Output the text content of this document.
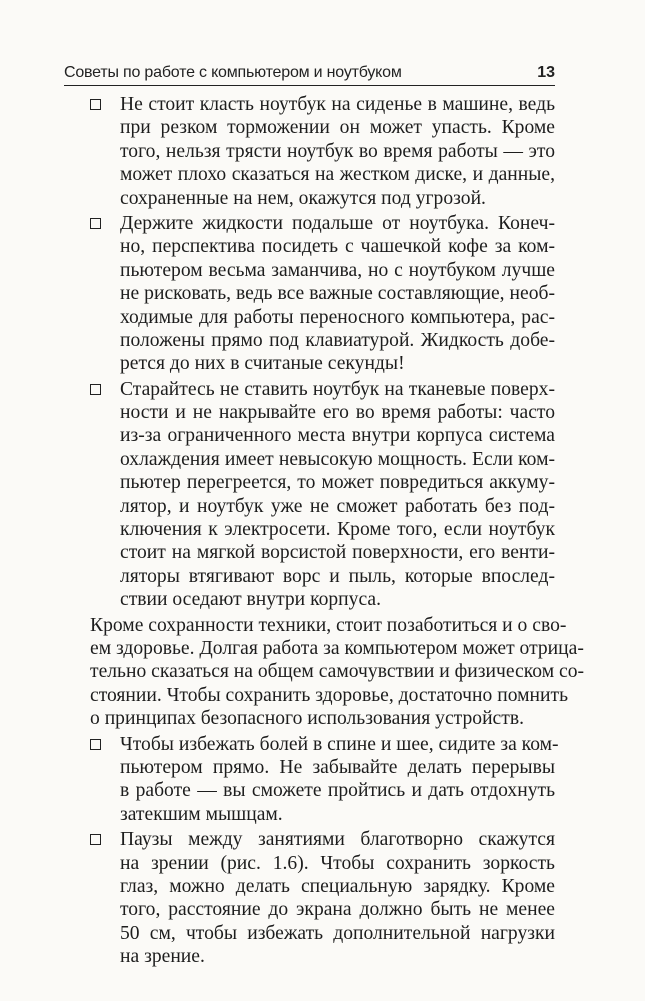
Советы по работе с компьютером и ноутбуком	13
Не стоит класть ноутбук на сиденье в машине, ведь
при резком торможении он может упасть. Кроме
того, нельзя трясти ноутбук во время работы — это
может плохо сказаться на жестком диске, и данные,
сохраненные на нем, окажутся под угрозой.
Держите жидкости подальше от ноутбука. Конеч-
но, перспектива посидеть с чашечкой кофе за ком-
пьютером весьма заманчива, но с ноутбуком лучше
не рисковать, ведь все важные составляющие, необ-
ходимые для работы переносного компьютера, рас-
положены прямо под клавиатурой. Жидкость добе-
рется до них в считаные секунды!
Старайтесь не ставить ноутбук на тканевые поверх-
ности и не накрывайте его во время работы: часто
из-за ограниченного места внутри корпуса система
охлаждения имеет невысокую мощность. Если ком-
пьютер перегреется, то может повредиться аккуму-
лятор, и ноутбук уже не сможет работать без под-
ключения к электросети. Кроме того, если ноутбук
стоит на мягкой ворсистой поверхности, его венти-
ляторы втягивают ворс и пыль, которые впослед-
ствии оседают внутри корпуса.
Кроме сохранности техники, стоит позаботиться и о сво-
ем здоровье. Долгая работа за компьютером может отрица-
тельно сказаться на общем самочувствии и физическом со-
стоянии. Чтобы сохранить здоровье, достаточно помнить
о принципах безопасного использования устройств.
Чтобы избежать болей в спине и шее, сидите за ком-
пьютером прямо. Не забывайте делать перерывы
в работе — вы сможете пройтись и дать отдохнуть
затекшим мышцам.
Паузы между занятиями благотворно скажутся
на зрении (рис. 1.6). Чтобы сохранить зоркость
глаз, можно делать специальную зарядку. Кроме
того, расстояние до экрана должно быть не менее
50 см, чтобы избежать дополнительной нагрузки
на зрение.
